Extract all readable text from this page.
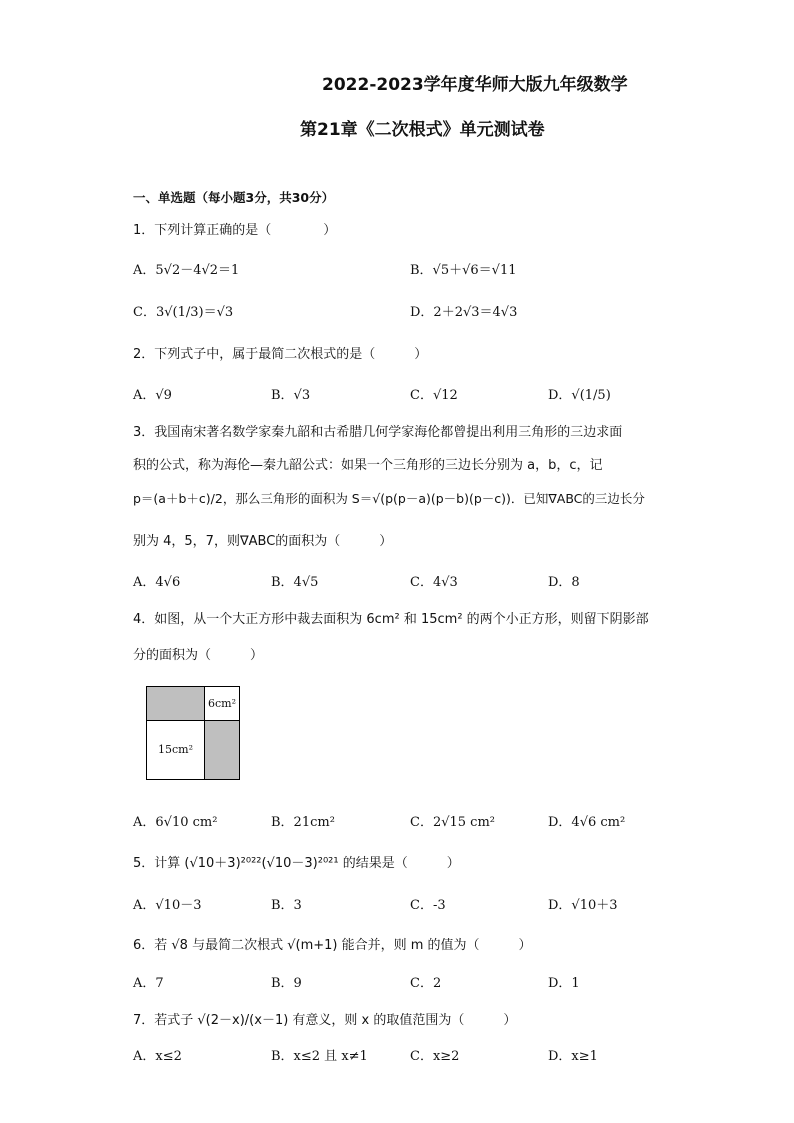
2022-2023学年度华师大版九年级数学
第21章《二次根式》单元测试卷
一、单选题（每小题3分，共30分）
1．下列计算正确的是（　　　　）
A．5√2－4√2＝1	B．√5＋√6＝√11
C．3√(1/3)＝√3	D．2＋2√3＝4√3
2．下列式子中，属于最简二次根式的是（　　　）
A．√9	B．√3	C．√12	D．√(1/5)
3．我国南宋著名数学家秦九韶和古希腊几何学家海伦都曾提出利用三角形的三边求面
积的公式，称为海伦—秦九韶公式：如果一个三角形的三边长分别为 a，b，c，记
p＝(a＋b＋c)/2，那么三角形的面积为 S＝√(p(p－a)(p－b)(p－c))．已知∇ABC的三边长分
别为 4，5，7，则∇ABC的面积为（　　　）
A．4√6	B．4√5	C．4√3	D．8
4．如图，从一个大正方形中裁去面积为 6cm² 和 15cm² 的两个小正方形，则留下阴影部
分的面积为（　　　）
6cm²
15cm²
A．6√10 cm²	B．21cm²	C．2√15 cm²	D．4√6 cm²
5．计算 (√10＋3)²⁰²²(√10－3)²⁰²¹ 的结果是（　　　）
A．√10－3	B．3	C．-3	D．√10＋3
6．若 √8 与最简二次根式 √(m+1) 能合并，则 m 的值为（　　　）
A．7	B．9	C．2	D．1
7．若式子 √(2－x)/(x－1) 有意义，则 x 的取值范围为（　　　）
A．x≤2	B．x≤2 且 x≠1	C．x≥2	D．x≥1
